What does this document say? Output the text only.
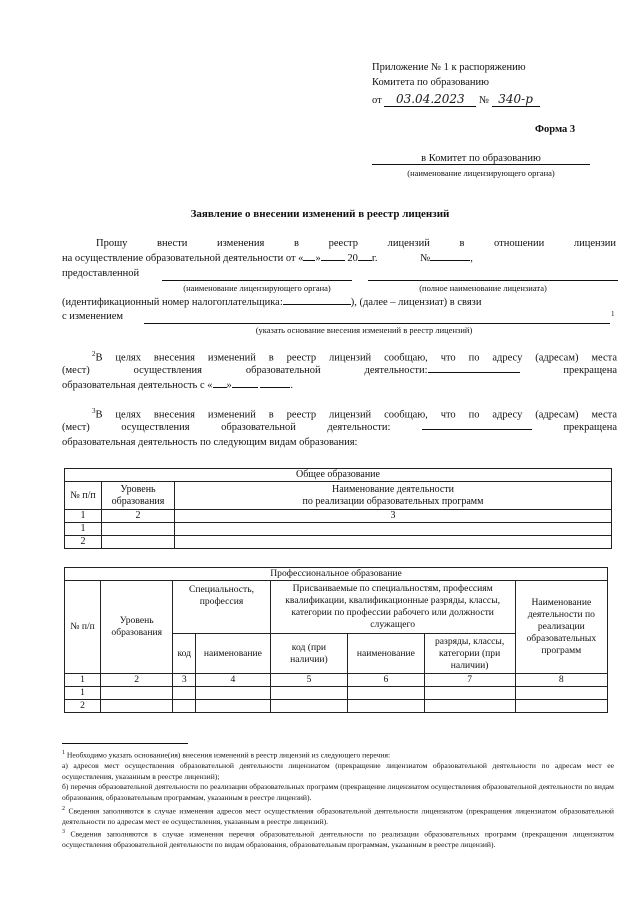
Приложение № 1 к распоряжению
Комитета по образованию
от 03.04.2023 № 340-р
Форма 3
в Комитет по образованию
(наименование лицензирующего органа)
Заявление о внесении изменений в реестр лицензий
Прошу внести изменения в реестр лицензий в отношении лицензии
на осуществление образовательной деятельности от « »	20 г.	№	,
предоставленной
(наименование лицензирующего органа)	(полное наименование лицензиата)
(идентификационный номер налогоплательщика:	), (далее – лицензиат) в связи
с изменением	1
(указать основание внесения изменений в реестр лицензий)
$^2$В целях внесения изменений в реестр лицензий сообщаю, что по адресу (адресам) места
(мест) осуществления образовательной деятельности:	прекращена
образовательная деятельность с « »	.
$^3$В целях внесения изменений в реестр лицензий сообщаю, что по адресу (адресам) места
(мест) осуществления образовательной деятельности:	прекращена
образовательная деятельность по следующим видам образования:
Общее образование		
№ п/п	Уровень образования	Наименование деятельности
по реализации образовательных программ

1	2	3
1		
2		
Профессиональное образование							
№ п/п	Уровень образования	Специальность, профессия		Присваиваемые по специальностям, профессиям квалификации, квалификационные разряды, классы, категории по профессии рабочего или должности служащего			Наименование деятельности по реализации образовательных программ
		код	наименование	код (при наличии)	наименование	разряды, классы, категории (при наличии)	
1	2	3	4	5	6	7	8
1							
2							
$^1$ Необходимо указать основание(ия) внесения изменений в реестр лицензий из следующего перечня:
а) адресов мест осуществления образовательной деятельности лицензиатом (прекращение лицензиатом образовательной деятельности по адресам мест ее осуществления, указанным в реестре лицензий);
б) перечня образовательной деятельности по реализации образовательных программ (прекращение лицензиатом осуществления образовательной деятельности по видам образования, образовательным программам, указанным в реестре лицензий).
$^2$ Сведения заполняются в случае изменения адресов мест осуществления образовательной деятельности лицензиатом (прекращения лицензиатом образовательной деятельности по адресам мест ее осуществления, указанным в реестре лицензий).
$^3$ Сведения заполняются в случае изменения перечня образовательной деятельности по реализации образовательных программ (прекращения лицензиатом осуществления образовательной деятельности по видам образования, образовательным программам, указанным в реестре лицензий).
